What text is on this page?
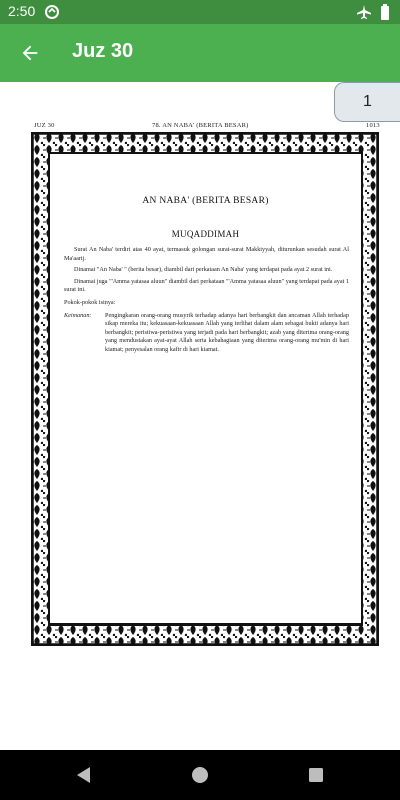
2:50
Juz 30
1
JUZ 30	78. AN NABA' (BERITA BESAR)	1013
AN NABA' (BERITA BESAR)
MUQADDIMAH

Surat An Naba' terdiri atas 40 ayat, termasuk golongan surat-surat Makkiyyah, diturunkan sesudah surat Al Ma'aarij.

Dinamai "An Naba' " (berita besar), diambil dari perkataan An Naba' yang terdapat pada ayat 2 surat ini.

Dinamai juga "'Amma yatasaa aluun" diambil dari perkataan "'Amma yatasaa aluun" yang terdapat pada ayat 1 surat ini.

Pokok-pokok isinya:

Keimanan:	Pengingkaran orang-orang musyrik terhadap adanya hari berbangkit dan ancaman Allah terhadap sikap mereka itu; kekuasaan-kekuasaan Allah yang terlihat dalam alam sebagai bukti adanya hari berbangkit; peristiwa-peristiwa yang terjadi pada hari berbangkit; azab yang diterima orang-orang yang mendustakan ayat-ayat Allah serta kebahagiaan yang diterima orang-orang mu'min di hari kiamat; penyesalan orang kafir di hari kiamat.
